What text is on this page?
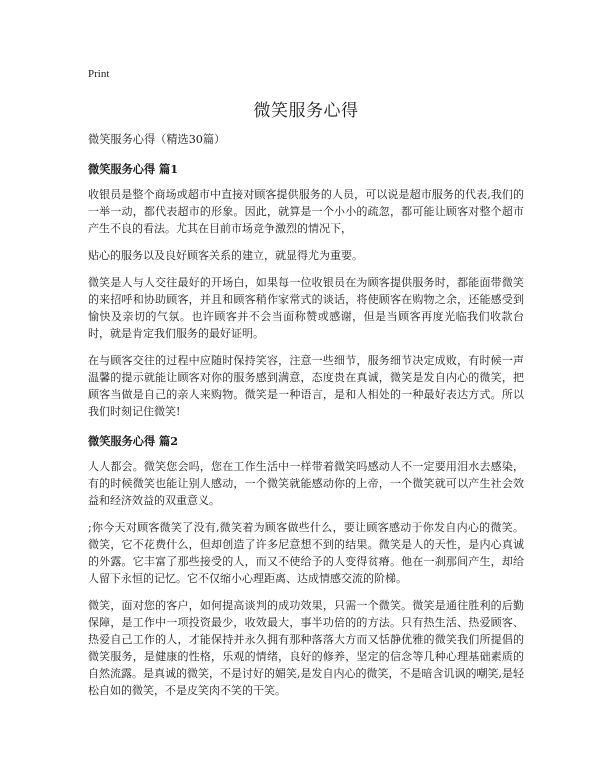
Print
微笑服务心得
微笑服务心得（精选30篇）
微笑服务心得 篇1

收银员是整个商场或超市中直接对顾客提供服务的人员，可以说是超市服务的代表,我们的一举一动，都代表超市的形象。因此，就算是一个小小的疏忽，都可能让顾客对整个超市产生不良的看法。尤其在目前市场竞争激烈的情况下，

贴心的服务以及良好顾客关系的建立，就显得尤为重要。

微笑是人与人交往最好的开场白，如果每一位收银员在为顾客提供服务时，都能面带微笑的来招呼和协助顾客，并且和顾客稍作家常式的谈话，将使顾客在购物之余，还能感受到愉快及亲切的气氛。也许顾客并不会当面称赞或感谢，但是当顾客再度光临我们收款台时，就是肯定我们服务的最好证明。

在与顾客交往的过程中应随时保持笑容，注意一些细节，服务细节决定成败，有时候一声温馨的提示就能让顾客对你的服务感到满意，态度贵在真诚，微笑是发自内心的微笑，把顾客当做是自己的亲人来购物。微笑是一种语言，是和人相处的一种最好表达方式。所以我们时刻记住微笑!

微笑服务心得 篇2

人人都会。微笑您会吗，您在工作生活中一样带着微笑吗感动人不一定要用泪水去感染，有的时候微笑也能让别人感动，一个微笑就能感动你的上帝，一个微笑就可以产生社会效益和经济效益的双重意义。

;你今天对顾客微笑了没有,微笑着为顾客做些什么，要让顾客感动于你发自内心的微笑。微笑，它不花费什么，但却创造了许多尼意想不到的结果。微笑是人的天性，是内心真诚的外露。它丰富了那些接受的人，而又不使给予的人变得贫瘠。他在一刹那间产生，却给人留下永恒的记忆。它不仅缩小心理距离、达成情感交流的阶梯。

微笑，面对您的客户，如何提高谈判的成功效果，只需一个微笑。微笑是通往胜利的后勤保障，是工作中一项投资最少，收效最大，事半功倍的的方法。只有热生活、热爱顾客、热爱自己工作的人，才能保持并永久拥有那种落落大方而又恬静优雅的微笑我们所提倡的微笑服务，是健康的性格，乐观的情绪，良好的修养，坚定的信念等几种心理基础素质的自然流露。是真诚的微笑，不是讨好的媚笑,是发自内心的微笑，不是暗含讥讽的嘲笑,是轻松自如的微笑，不是皮笑肉不笑的干笑。
